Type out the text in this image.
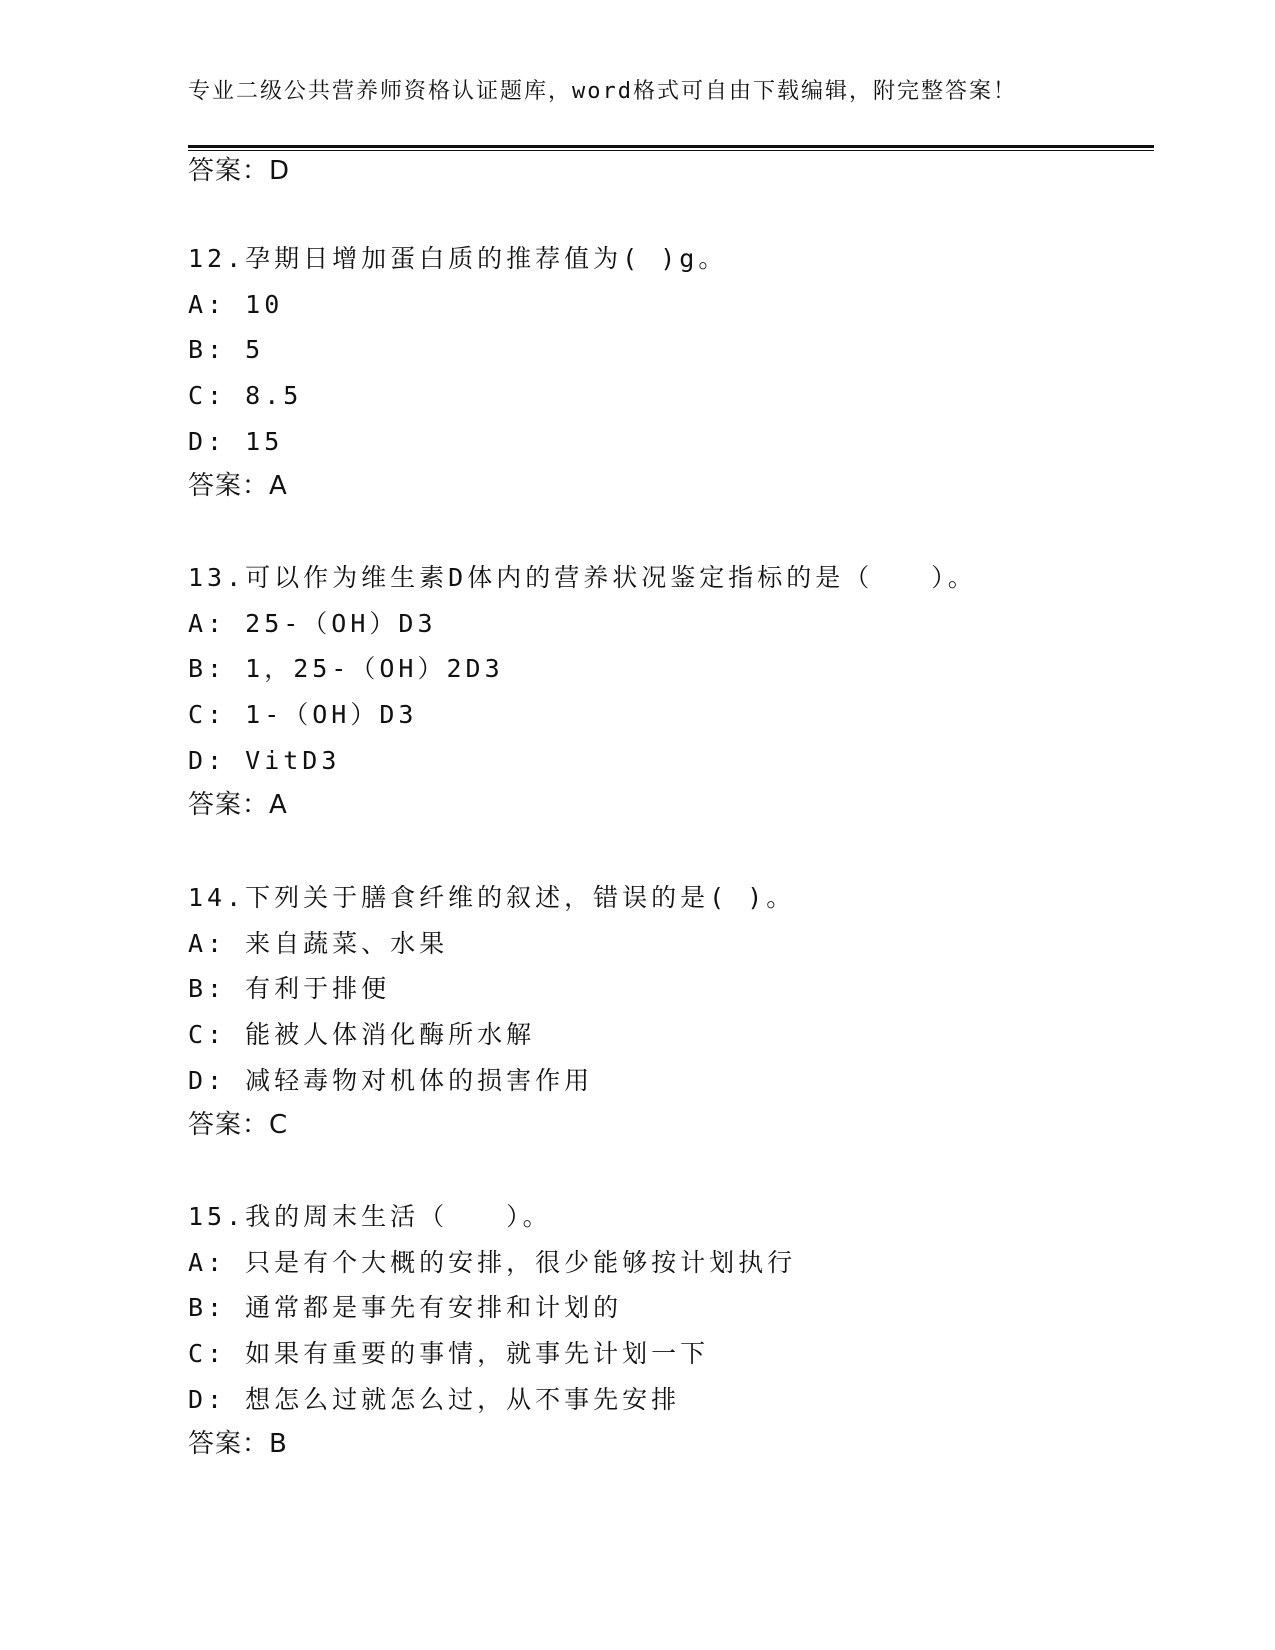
专业二级公共营养师资格认证题库，word格式可自由下载编辑，附完整答案！
答案：D
12.孕期日增加蛋白质的推荐值为( )g。
A: 10
B: 5
C: 8.5
D: 15
答案：A
13.可以作为维生素D体内的营养状况鉴定指标的是（　　）。
A: 25-（OH）D3
B: 1，25-（OH）2D3
C: 1-（OH）D3
D: VitD3
答案：A
14.下列关于膳食纤维的叙述，错误的是( )。
A: 来自蔬菜、水果
B: 有利于排便
C: 能被人体消化酶所水解
D: 减轻毒物对机体的损害作用
答案：C
15.我的周末生活（　　）。
A: 只是有个大概的安排，很少能够按计划执行
B: 通常都是事先有安排和计划的
C: 如果有重要的事情，就事先计划一下
D: 想怎么过就怎么过，从不事先安排
答案：B
